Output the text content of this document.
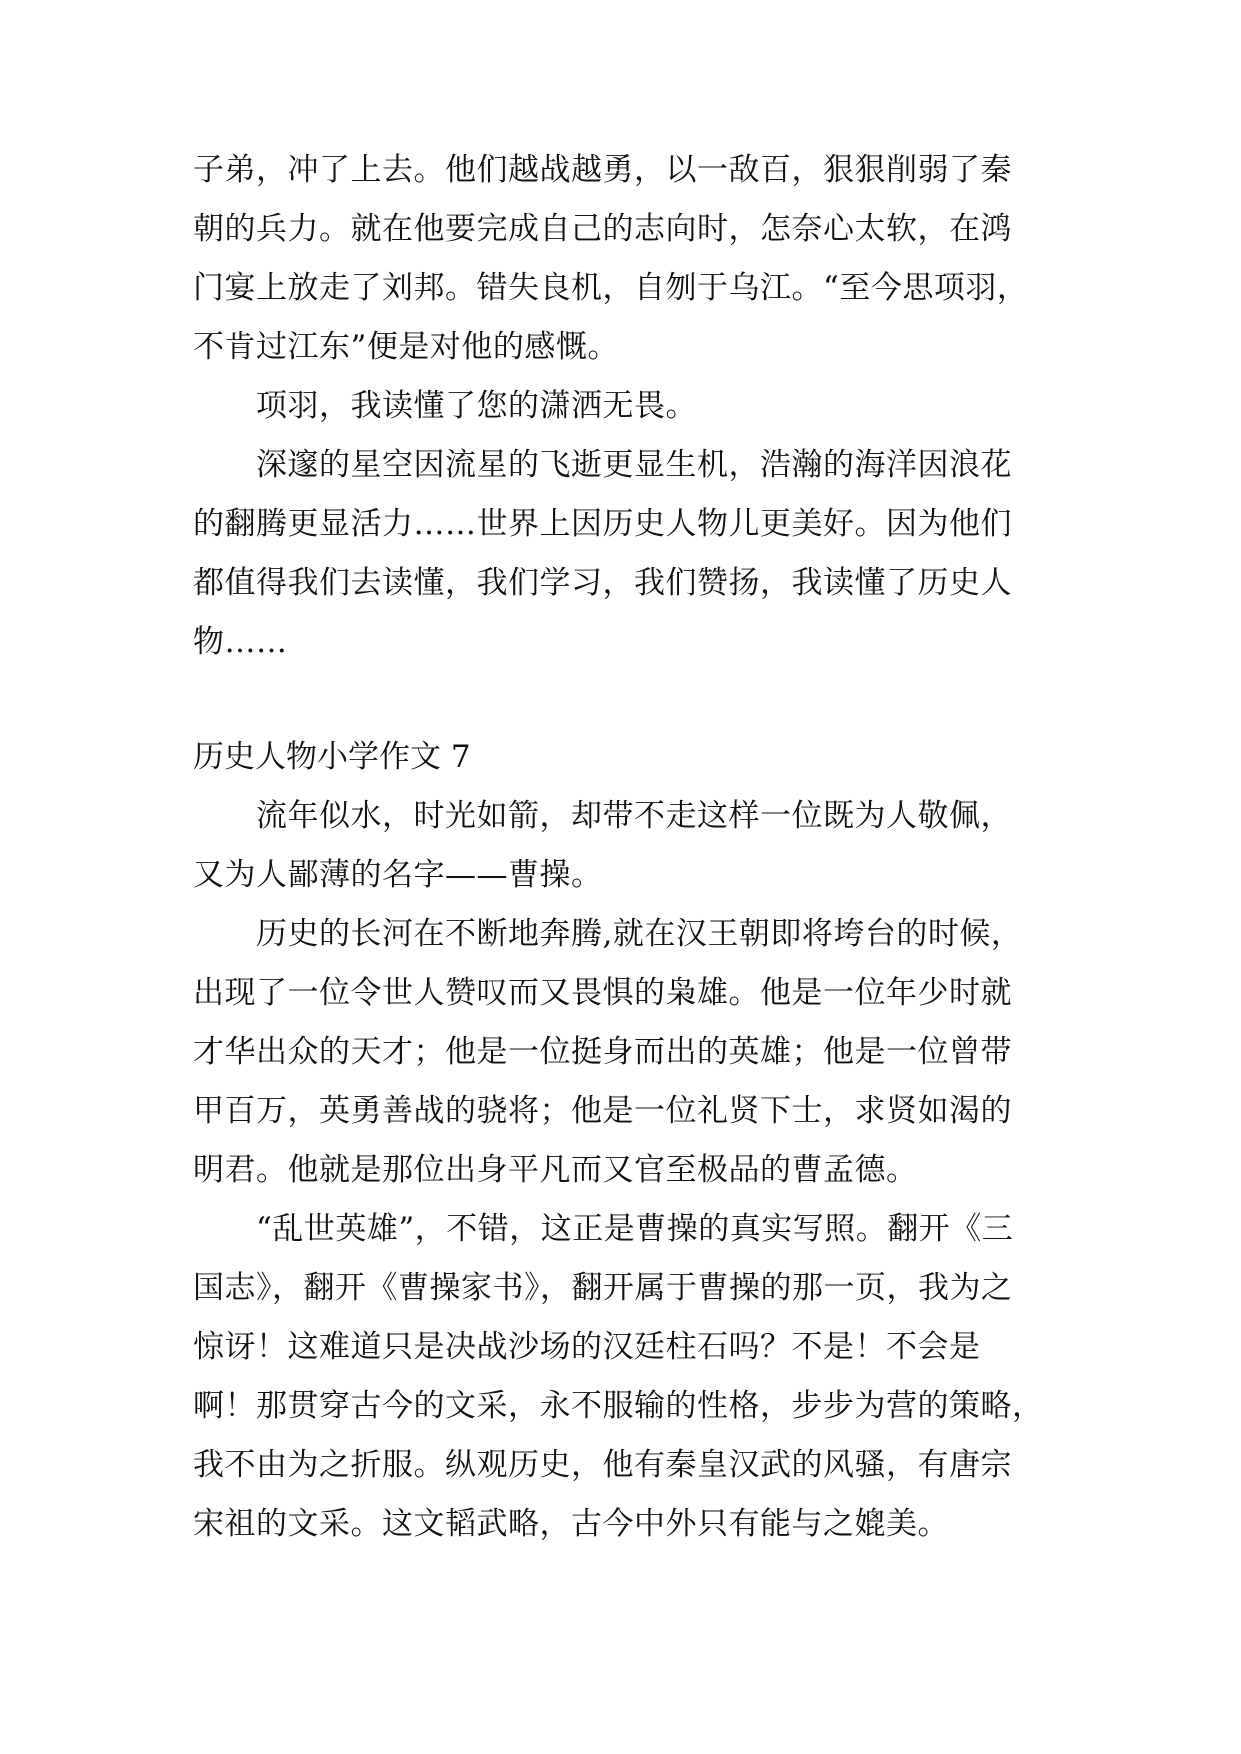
子弟，冲了上去。他们越战越勇，以一敌百，狠狠削弱了秦
朝的兵力。就在他要完成自己的志向时，怎奈心太软，在鸿
门宴上放走了刘邦。错失良机，自刎于乌江。“至今思项羽，
不肯过江东”便是对他的感慨。
项羽，我读懂了您的潇洒无畏。
深邃的星空因流星的飞逝更显生机，浩瀚的海洋因浪花
的翻腾更显活力……世界上因历史人物儿更美好。因为他们
都值得我们去读懂，我们学习，我们赞扬，我读懂了历史人
物……
历史人物小学作文 7
流年似水，时光如箭，却带不走这样一位既为人敬佩，
又为人鄙薄的名字——曹操。
历史的长河在不断地奔腾,就在汉王朝即将垮台的时候，
出现了一位令世人赞叹而又畏惧的枭雄。他是一位年少时就
才华出众的天才；他是一位挺身而出的英雄；他是一位曾带
甲百万，英勇善战的骁将；他是一位礼贤下士，求贤如渴的
明君。他就是那位出身平凡而又官至极品的曹孟德。
“乱世英雄”，不错，这正是曹操的真实写照。翻开《三
国志》，翻开《曹操家书》，翻开属于曹操的那一页，我为之
惊讶！这难道只是决战沙场的汉廷柱石吗？不是！不会是
啊！那贯穿古今的文采，永不服输的性格，步步为营的策略，
我不由为之折服。纵观历史，他有秦皇汉武的风骚，有唐宗
宋祖的文采。这文韬武略，古今中外只有能与之媲美。
